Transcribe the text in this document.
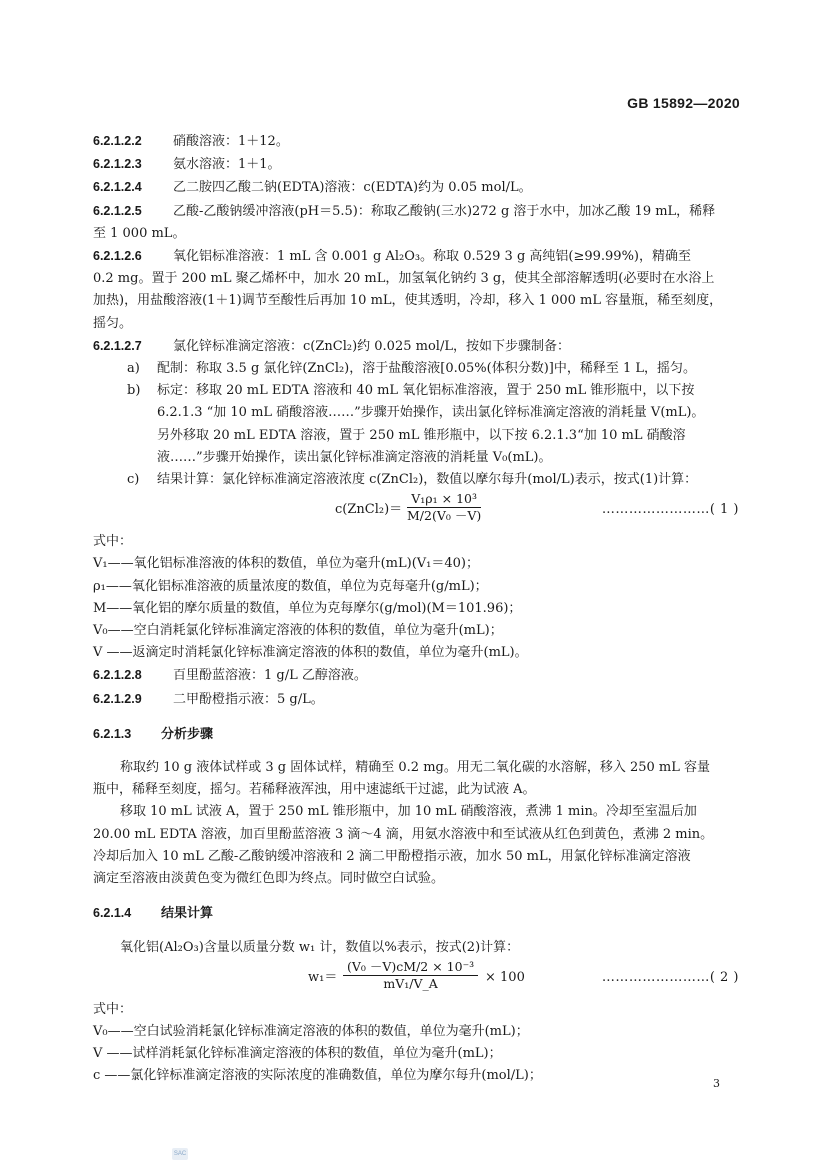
GB 15892—2020

6.2.1.2.2 硝酸溶液：1＋12。

6.2.1.2.3 氨水溶液：1＋1。

6.2.1.2.4 乙二胺四乙酸二钠(EDTA)溶液：c(EDTA)约为 0.05 mol/L。

6.2.1.2.5 乙酸-乙酸钠缓冲溶液(pH＝5.5)：称取乙酸钠(三水)272 g 溶于水中，加冰乙酸 19 mL，稀释

至 1 000 mL。

6.2.1.2.6 氧化铝标准溶液：1 mL 含 0.001 g Al₂O₃。称取 0.529 3 g 高纯铝(≥99.99%)，精确至

0.2 mg。置于 200 mL 聚乙烯杯中，加水 20 mL，加氢氧化钠约 3 g，使其全部溶解透明(必要时在水浴上

加热)，用盐酸溶液(1＋1)调节至酸性后再加 10 mL，使其透明，冷却，移入 1 000 mL 容量瓶，稀至刻度，

摇匀。

6.2.1.2.7 氯化锌标准滴定溶液：c(ZnCl₂)约 0.025 mol/L，按如下步骤制备：

a)	配制：称取 3.5 g 氯化锌(ZnCl₂)，溶于盐酸溶液[0.05%(体积分数)]中，稀释至 1 L，摇匀。
b)	标定：移取 20 mL EDTA 溶液和 40 mL 氧化铝标准溶液，置于 250 mL 锥形瓶中，以下按
6.2.1.3 “加 10 mL 硝酸溶液……”步骤开始操作，读出氯化锌标准滴定溶液的消耗量 V(mL)。
另外移取 20 mL EDTA 溶液，置于 250 mL 锥形瓶中，以下按 6.2.1.3“加 10 mL 硝酸溶
液……”步骤开始操作，读出氯化锌标准滴定溶液的消耗量 V₀(mL)。
c)	结果计算：氯化锌标准滴定溶液浓度 c(ZnCl₂)，数值以摩尔每升(mol/L)表示，按式(1)计算：
c(ZnCl₂)＝ $\frac{\text{V₁ρ₁ × 10³}}{\text{M/2(V₀ －V)}}$	……………………( 1 )

式中：

V₁——氧化铝标准溶液的体积的数值，单位为毫升(mL)(V₁＝40)；

ρ₁——氧化铝标准溶液的质量浓度的数值，单位为克每毫升(g/mL)；

M——氧化铝的摩尔质量的数值，单位为克每摩尔(g/mol)(M＝101.96)；

V₀——空白消耗氯化锌标准滴定溶液的体积的数值，单位为毫升(mL)；

V ——返滴定时消耗氯化锌标准滴定溶液的体积的数值，单位为毫升(mL)。

6.2.1.2.8 百里酚蓝溶液：1 g/L 乙醇溶液。

6.2.1.2.9 二甲酚橙指示液：5 g/L。

6.2.1.3 分析步骤

称取约 10 g 液体试样或 3 g 固体试样，精确至 0.2 mg。用无二氧化碳的水溶解，移入 250 mL 容量

瓶中，稀释至刻度，摇匀。若稀释液浑浊，用中速滤纸干过滤，此为试液 A。

移取 10 mL 试液 A，置于 250 mL 锥形瓶中，加 10 mL 硝酸溶液，煮沸 1 min。冷却至室温后加

20.00 mL EDTA 溶液，加百里酚蓝溶液 3 滴～4 滴，用氨水溶液中和至试液从红色到黄色，煮沸 2 min。

冷却后加入 10 mL 乙酸-乙酸钠缓冲溶液和 2 滴二甲酚橙指示液，加水 50 mL，用氯化锌标准滴定溶液

滴定至溶液由淡黄色变为微红色即为终点。同时做空白试验。

6.2.1.4 结果计算

氧化铝(Al₂O₃)含量以质量分数 w₁ 计，数值以%表示，按式(2)计算：

$w_1= \frac{\text{(V₀ －V)cM/2 × 10⁻³}}{\text{mV₁/V\_A}} \times 100$	……………………( 2 )

式中：

V₀——空白试验消耗氯化锌标准滴定溶液的体积的数值，单位为毫升(mL)；

V ——试样消耗氯化锌标准滴定溶液的体积的数值，单位为毫升(mL)；

c ——氯化锌标准滴定溶液的实际浓度的准确数值，单位为摩尔每升(mol/L)；

3
SAC
